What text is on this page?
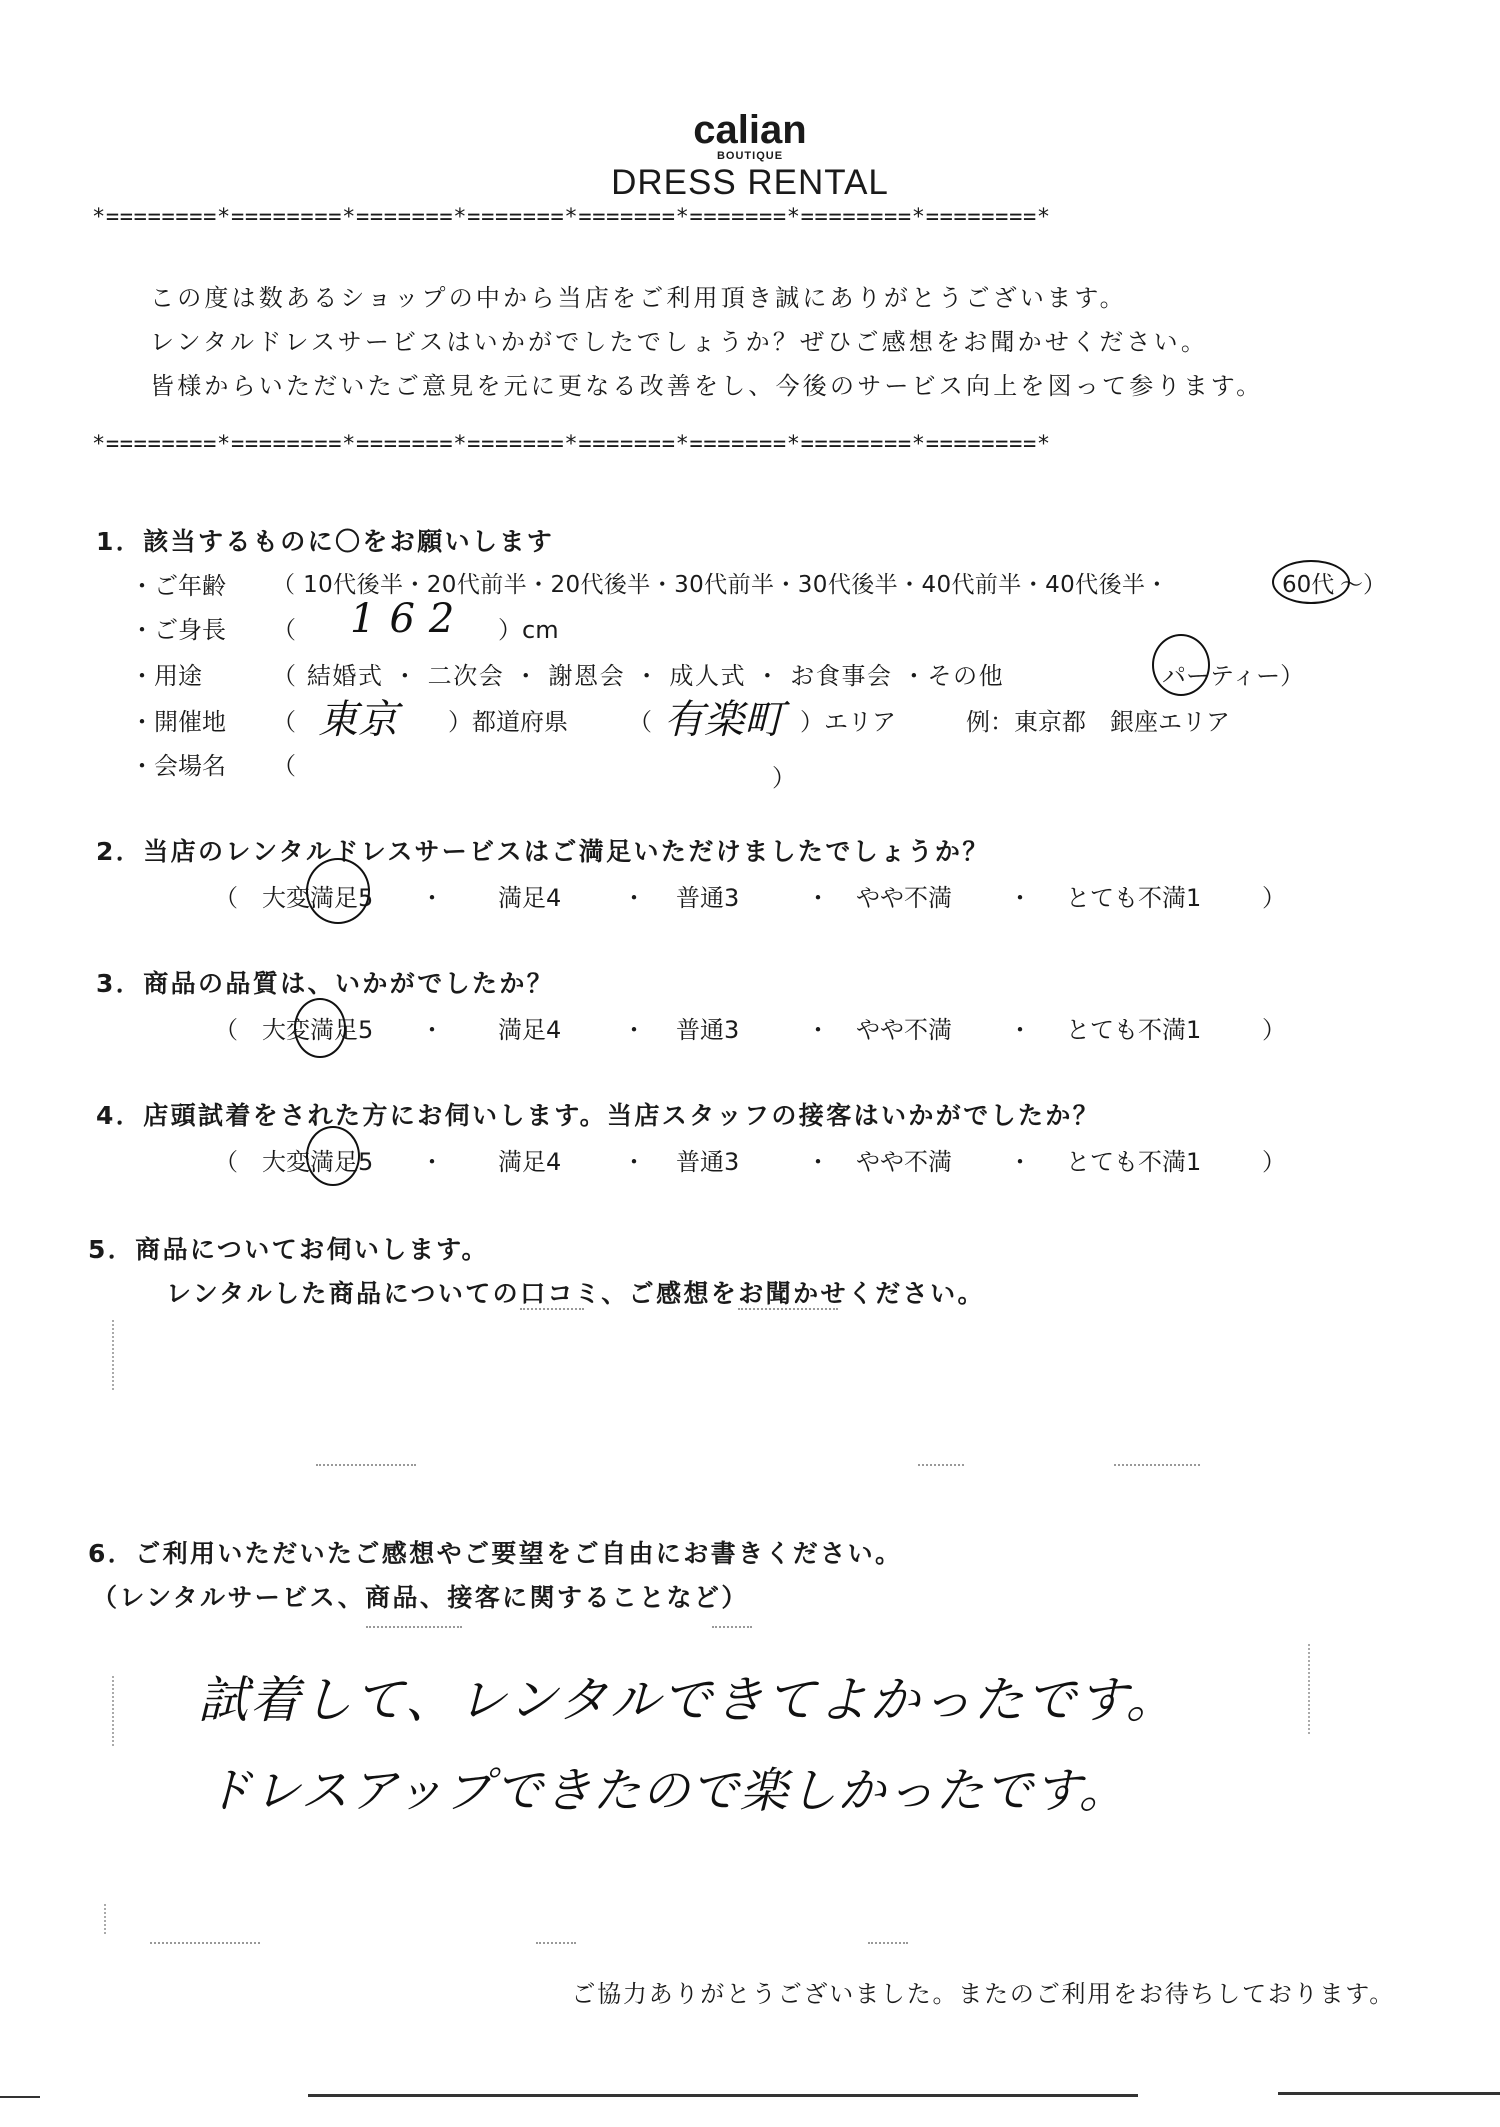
calian
BOUTIQUE
DRESS RENTAL
*========*========*=======*=======*=======*=======*========*========*
この度は数あるショップの中から当店をご利用頂き誠にありがとうございます。
レンタルドレスサービスはいかがでしたでしょうか？ぜひご感想をお聞かせください。
皆様からいただいたご意見を元に更なる改善をし、今後のサービス向上を図って参ります。
*========*========*=======*=======*=======*=======*========*========*
1．該当するものに〇をお願いします
・ご年齢 （ 10代後半・20代前半・20代後半・30代前半・30代後半・40代前半・40代後半・	60代 〜）
・ご身長 （ 162 ）cm
・用途	（ 結婚式 ・ 二次会 ・ 謝恩会 ・ 成人式 ・ お食事会 ・その他	パーティー）
・開催地 （ 東京 ）都道府県	（ 有楽町 ）エリア	例：東京都　銀座エリア
・会場名 （	）
2．当店のレンタルドレスサービスはご満足いただけましたでしょうか？
（ 大変満足5 ・ 満足4	・ 普通3	・ やや不満 ・ とても不満1	）
3．商品の品質は、いかがでしたか？
（ 大変満足5 ・ 満足4	・ 普通3	・ やや不満 ・ とても不満1	）
4．店頭試着をされた方にお伺いします。当店スタッフの接客はいかがでしたか？
（ 大変満足5 ・ 満足4	・ 普通3	・ やや不満 ・ とても不満1	）
5．商品についてお伺いします。
レンタルした商品についての口コミ、ご感想をお聞かせください。
6．ご利用いただいたご感想やご要望をご自由にお書きください。
（レンタルサービス、商品、接客に関することなど）
試着して、レンタルできてよかったです。
ドレスアップできたので楽しかったです。
ご協力ありがとうございました。またのご利用をお待ちしております。
